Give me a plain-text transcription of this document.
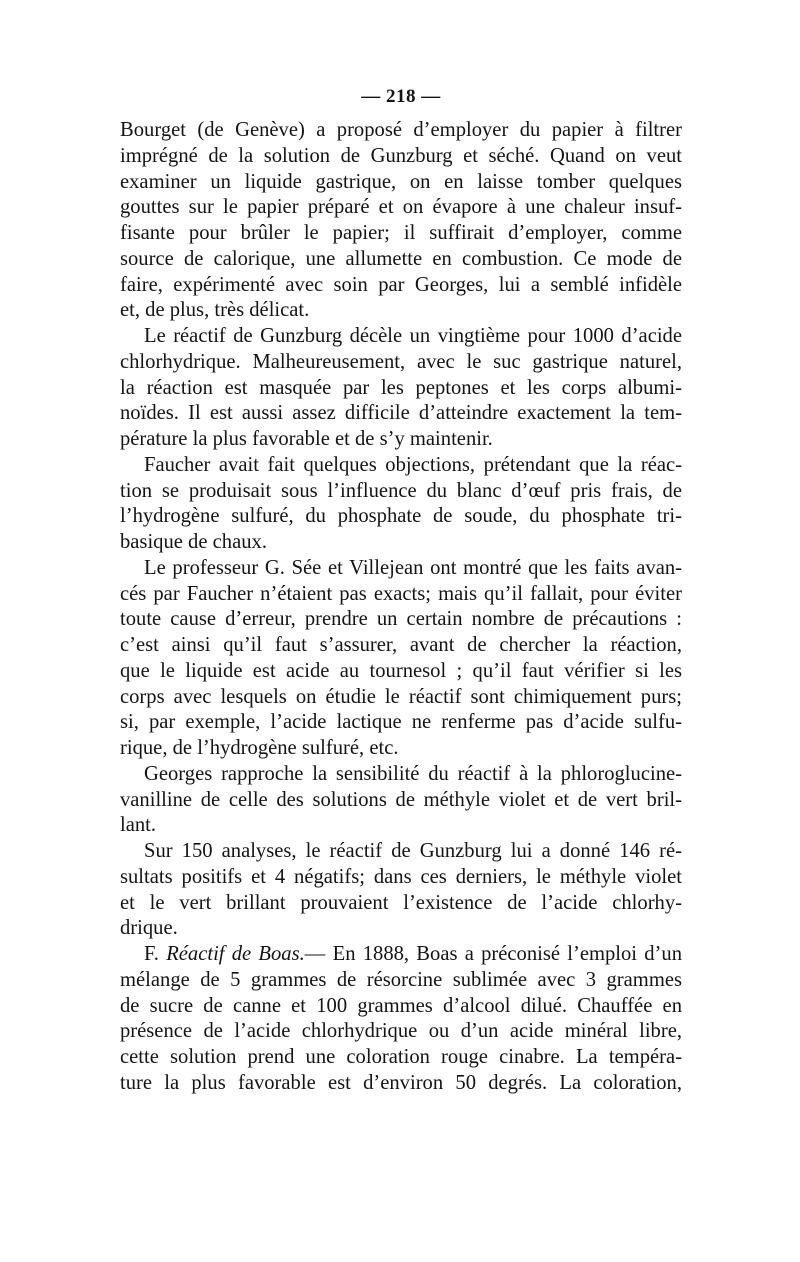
— 218 —
Bourget (de Genève) a proposé d’employer du papier à filtrer
imprégné de la solution de Gunzburg et séché. Quand on veut
examiner un liquide gastrique, on en laisse tomber quelques
gouttes sur le papier préparé et on évapore à une chaleur insuf-
fisante pour brûler le papier; il suffirait d’employer, comme
source de calorique, une allumette en combustion. Ce mode de
faire, expérimenté avec soin par Georges, lui a semblé infidèle
et, de plus, très délicat.
Le réactif de Gunzburg décèle un vingtième pour 1000 d’acide
chlorhydrique. Malheureusement, avec le suc gastrique naturel,
la réaction est masquée par les peptones et les corps albumi-
noïdes. Il est aussi assez difficile d’atteindre exactement la tem-
pérature la plus favorable et de s’y maintenir.
Faucher avait fait quelques objections, prétendant que la réac-
tion se produisait sous l’influence du blanc d’œuf pris frais, de
l’hydrogène sulfuré, du phosphate de soude, du phosphate tri-
basique de chaux.
Le professeur G. Sée et Villejean ont montré que les faits avan-
cés par Faucher n’étaient pas exacts; mais qu’il fallait, pour éviter
toute cause d’erreur, prendre un certain nombre de précautions :
c’est ainsi qu’il faut s’assurer, avant de chercher la réaction,
que le liquide est acide au tournesol ; qu’il faut vérifier si les
corps avec lesquels on étudie le réactif sont chimiquement purs;
si, par exemple, l’acide lactique ne renferme pas d’acide sulfu-
rique, de l’hydrogène sulfuré, etc.
Georges rapproche la sensibilité du réactif à la phloroglucine-
vanilline de celle des solutions de méthyle violet et de vert bril-
lant.
Sur 150 analyses, le réactif de Gunzburg lui a donné 146 ré-
sultats positifs et 4 négatifs; dans ces derniers, le méthyle violet
et le vert brillant prouvaient l’existence de l’acide chlorhy-
drique.
F. Réactif de Boas.— En 1888, Boas a préconisé l’emploi d’un
mélange de 5 grammes de résorcine sublimée avec 3 grammes
de sucre de canne et 100 grammes d’alcool dilué. Chauffée en
présence de l’acide chlorhydrique ou d’un acide minéral libre,
cette solution prend une coloration rouge cinabre. La tempéra-
ture la plus favorable est d’environ 50 degrés. La coloration,
